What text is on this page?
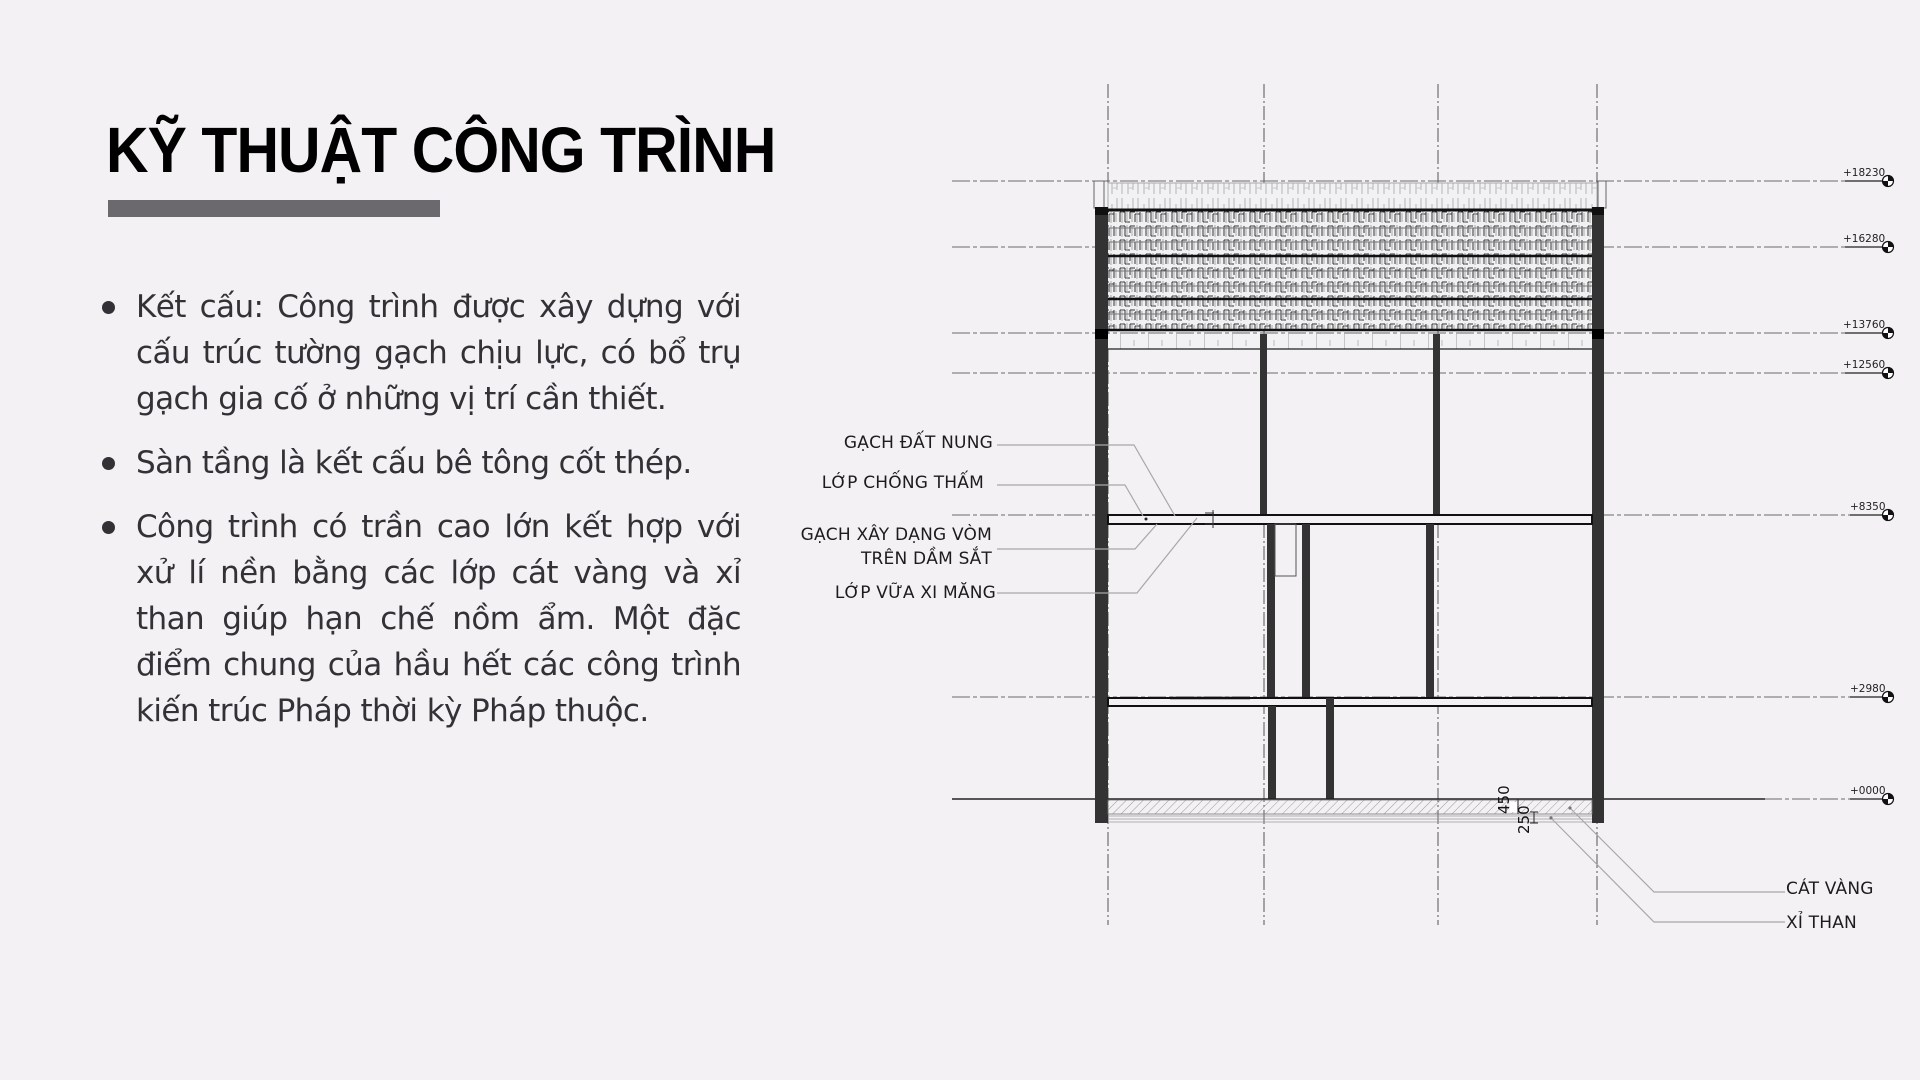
KỸ THUẬT CÔNG TRÌNH
Kết cấu: Công trình được xây dựng với cấu trúc tường gạch chịu lực, có bổ trụ gạch gia cố ở những vị trí cần thiết.
Sàn tầng là kết cấu bê tông cốt thép.
Công trình có trần cao lớn kết hợp với xử lí nền bằng các lớp cát vàng và xỉ than giúp hạn chế nồm ẩm. Một đặc điểm chung của hầu hết các công trình kiến trúc Pháp thời kỳ Pháp thuộc.
450
250
+18230
+16280
+13760
+12560
+8350
+2980
+0000
GẠCH ĐẤT NUNG
LỚP CHỐNG THẤM
GẠCH XÂY DẠNG VÒM
TRÊN DẦM SẮT
LỚP VỮA XI MĂNG
CÁT VÀNG
XỈ THAN
